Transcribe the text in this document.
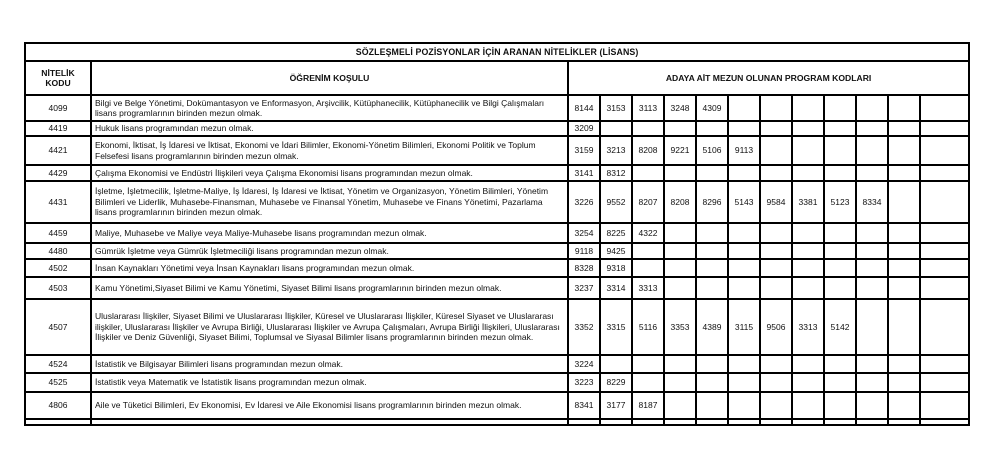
SÖZLEŞMELİ POZİSYONLAR İÇİN ARANAN NİTELİKLER (LİSANS)													
NİTELİK KODU	ÖĞRENİM KOŞULU	ADAYA AİT MEZUN OLUNAN PROGRAM KODLARI											
4099	Bilgi ve Belge Yönetimi, Dokümantasyon ve Enformasyon, Arşivcilik, Kütüphanecilik, Kütüphanecilik ve Bilgi Çalışmaları lisans programlarının birinden mezun olmak.	8144	3153	3113	3248	4309							
4419	Hukuk lisans programından mezun olmak.	3209											
4421	Ekonomi, İktisat, İş İdaresi ve İktisat, Ekonomi ve İdari Bilimler, Ekonomi-Yönetim Bilimleri, Ekonomi Politik ve Toplum Felsefesi lisans programlarının birinden mezun olmak.	3159	3213	8208	9221	5106	9113						
4429	Çalışma Ekonomisi ve Endüstri İlişkileri veya Çalışma Ekonomisi lisans programından mezun olmak.	3141	8312										
4431	İşletme, İşletmecilik, İşletme-Maliye, İş İdaresi, İş İdaresi ve İktisat, Yönetim ve Organizasyon, Yönetim Bilimleri, Yönetim Bilimleri ve Liderlik, Muhasebe-Finansman, Muhasebe ve Finansal Yönetim, Muhasebe ve Finans Yönetimi, Pazarlama lisans programlarının birinden mezun olmak.	3226	9552	8207	8208	8296	5143	9584	3381	5123	8334		
4459	Maliye, Muhasebe ve Maliye veya Maliye-Muhasebe lisans programından mezun olmak.	3254	8225	4322									
4480	Gümrük İşletme veya Gümrük İşletmeciliği lisans programından mezun olmak.	9118	9425										
4502	İnsan Kaynakları Yönetimi veya İnsan Kaynakları lisans programından mezun olmak.	8328	9318										
4503	Kamu Yönetimi,Siyaset Bilimi ve Kamu Yönetimi, Siyaset Bilimi lisans programlarının birinden mezun olmak.	3237	3314	3313									
4507	Uluslararası İlişkiler, Siyaset Bilimi ve Uluslararası İlişkiler, Küresel ve Uluslararası İlişkiler, Küresel Siyaset ve Uluslararası ilişkiler, Uluslararası İlişkiler ve Avrupa Birliği, Uluslararası İlişkiler ve Avrupa Çalışmaları, Avrupa Birliği İlişkileri, Uluslararası İlişkiler ve Deniz Güvenliği, Siyaset Bilimi, Toplumsal ve Siyasal Bilimler lisans programlarının birinden mezun olmak.	3352	3315	5116	3353	4389	3115	9506	3313	5142			
4524	İstatistik ve Bilgisayar Bilimleri lisans programından mezun olmak.	3224											
4525	İstatistik veya Matematik ve İstatistik lisans programından mezun olmak.	3223	8229										
4806	Aile ve Tüketici Bilimleri, Ev Ekonomisi, Ev İdaresi ve Aile Ekonomisi lisans programlarının birinden mezun olmak.	8341	3177	8187									
